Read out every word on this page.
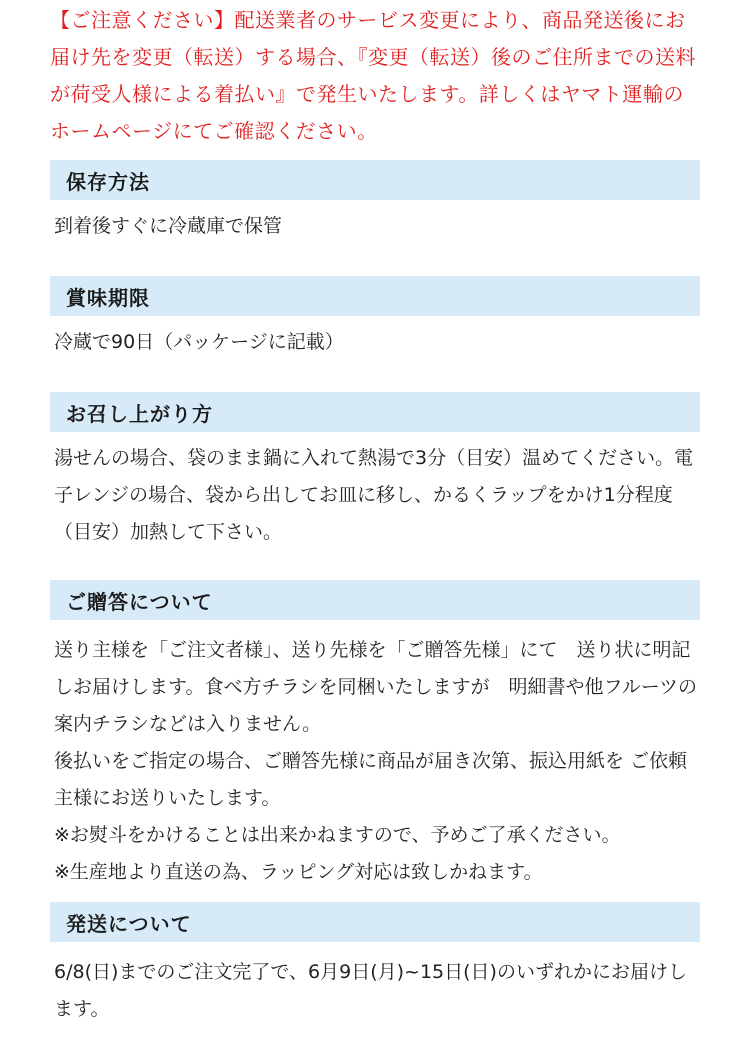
【ご注意ください】配送業者のサービス変更により、商品発送後にお届け先を変更（転送）する場合、『変更（転送）後のご住所までの送料が荷受人様による着払い』で発生いたします。詳しくはヤマト運輸のホームページにてご確認ください。

保存方法

到着後すぐに冷蔵庫で保管

賞味期限

冷蔵で90日（パッケージに記載）

お召し上がり方

湯せんの場合、袋のまま鍋に入れて熱湯で3分（目安）温めてください。電子レンジの場合、袋から出してお皿に移し、かるくラップをかけ1分程度（目安）加熱して下さい。

ご贈答について

送り主様を「ご注文者様」、送り先様を「ご贈答先様」にて　送り状に明記しお届けします。食べ方チラシを同梱いたしますが　明細書や他フルーツの案内チラシなどは入りません。

後払いをご指定の場合、ご贈答先様に商品が届き次第、振込用紙を ご依頼主様にお送りいたします。

※お熨斗をかけることは出来かねますので、予めご了承ください。

※生産地より直送の為、ラッピング対応は致しかねます。

発送について

6/8(日)までのご注文完了で、6月9日(月)~15日(日)のいずれかにお届けします。
